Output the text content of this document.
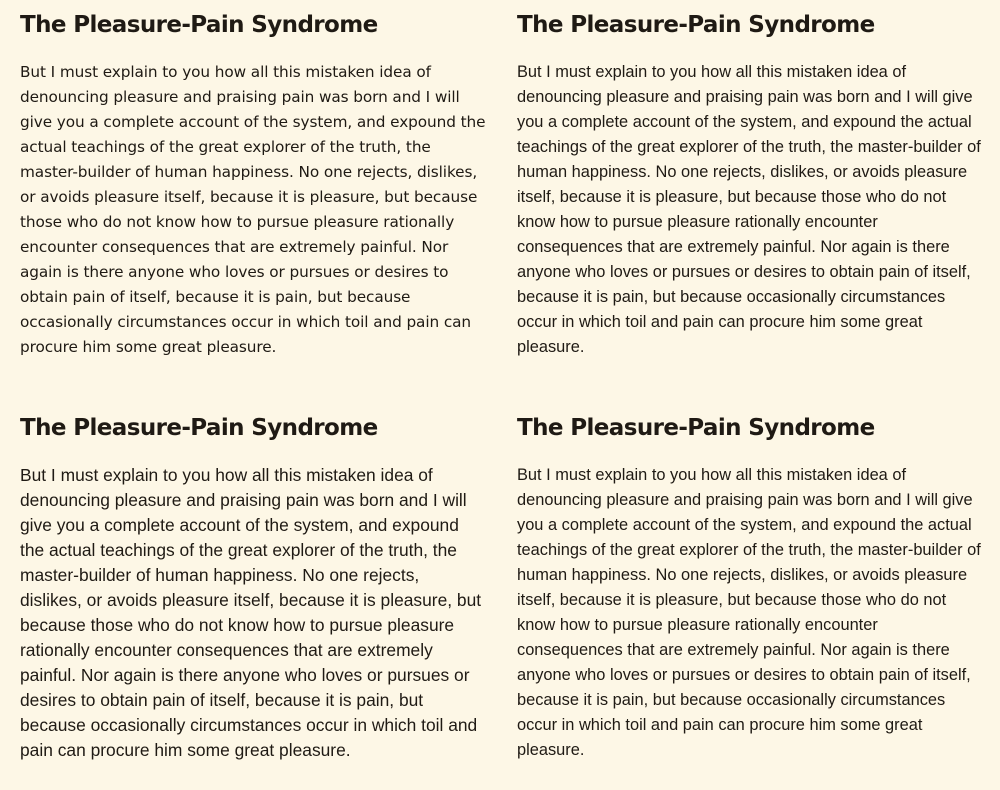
The Pleasure-Pain Syndrome

But I must explain to you how all this mistaken idea of denouncing pleasure and praising pain was born and I will give you a complete account of the system, and expound the actual teachings of the great explorer of the truth, the master-builder of human happiness. No one rejects, dislikes, or avoids pleasure itself, because it is pleasure, but because those who do not know how to pursue pleasure rationally encounter consequences that are extremely painful. Nor again is there anyone who loves or pursues or desires to obtain pain of itself, because it is pain, but because occasionally circumstances occur in which toil and pain can procure him some great pleasure.

The Pleasure-Pain Syndrome

But I must explain to you how all this mistaken idea of denouncing pleasure and praising pain was born and I will give you a complete account of the system, and expound the actual teachings of the great explorer of the truth, the master-builder of human happiness. No one rejects, dislikes, or avoids pleasure itself, because it is pleasure, but because those who do not know how to pursue pleasure rationally encounter consequences that are extremely painful. Nor again is there anyone who loves or pursues or desires to obtain pain of itself, because it is pain, but because occasionally circumstances occur in which toil and pain can procure him some great pleasure.

The Pleasure-Pain Syndrome

But I must explain to you how all this mistaken idea of denouncing pleasure and praising pain was born and I will give you a complete account of the system, and expound the actual teachings of the great explorer of the truth, the master-builder of human happiness. No one rejects, dislikes, or avoids pleasure itself, because it is pleasure, but because those who do not know how to pursue pleasure rationally encounter consequences that are extremely painful. Nor again is there anyone who loves or pursues or desires to obtain pain of itself, because it is pain, but because occasionally circumstances occur in which toil and pain can procure him some great pleasure.

The Pleasure-Pain Syndrome

But I must explain to you how all this mistaken idea of denouncing pleasure and praising pain was born and I will give you a complete account of the system, and expound the actual teachings of the great explorer of the truth, the master-builder of human happiness. No one rejects, dislikes, or avoids pleasure itself, because it is pleasure, but because those who do not know how to pursue pleasure rationally encounter consequences that are extremely painful. Nor again is there anyone who loves or pursues or desires to obtain pain of itself, because it is pain, but because occasionally circumstances occur in which toil and pain can procure him some great pleasure.
